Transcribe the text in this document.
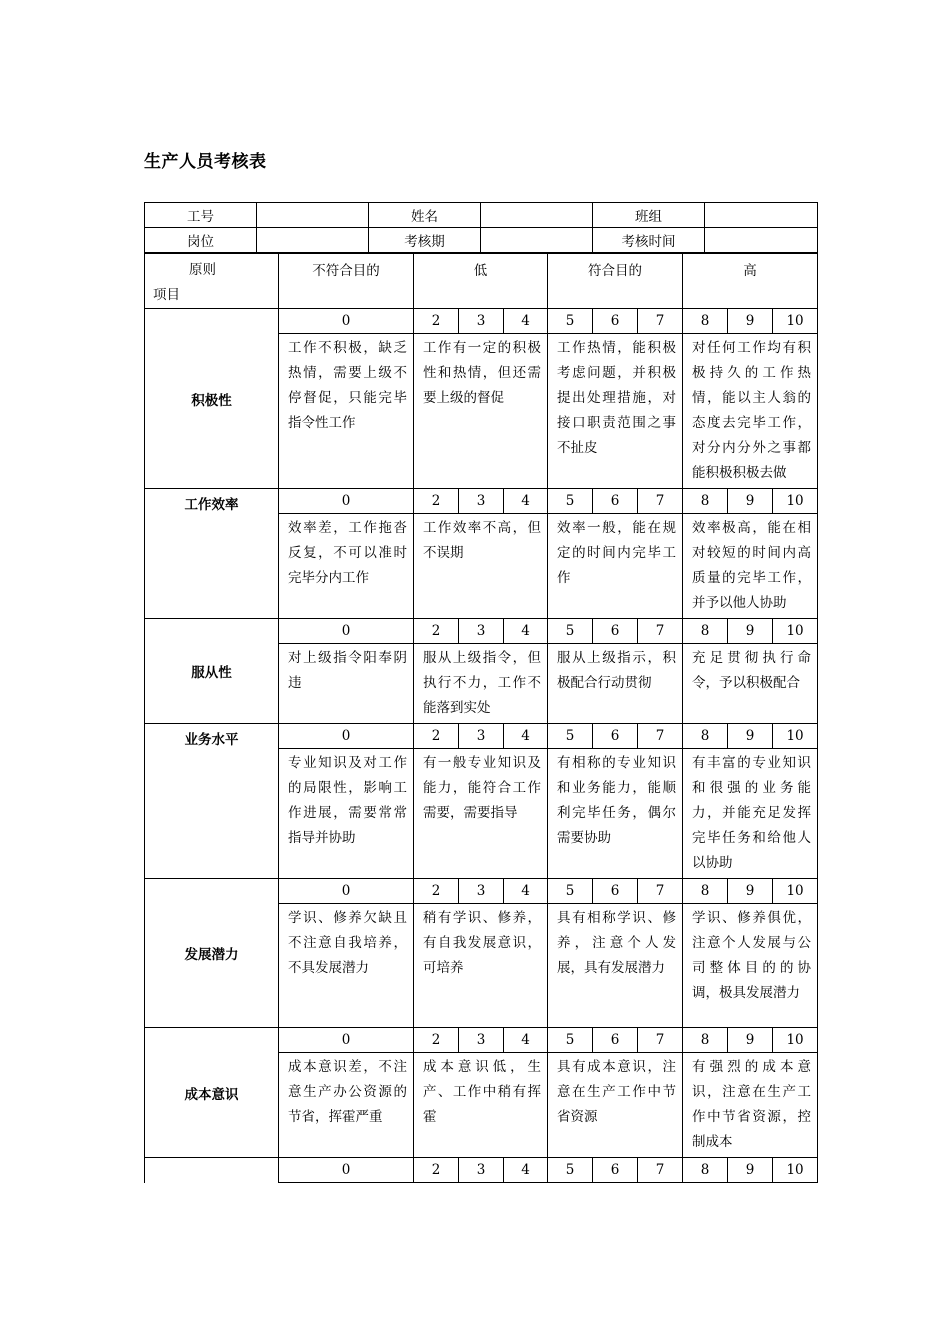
生产人员考核表
工号		姓名		班组	
岗位		考核期		考核时间	
原则
项目	不符合目的	低			符合目的			高		
积极性	0	2	3	4	5	6	7	8	9	10
	工作不积极，缺乏热情，需要上级不停督促，只能完毕指令性工作	工作有一定的积极性和热情，但还需要上级的督促			工作热情，能积极考虑问题，并积极提出处理措施，对接口职责范围之事不扯皮			对任何工作均有积极持久的工作热情，能以主人翁的态度去完毕工作，对分内分外之事都能积极积极去做		
工作效率	0	2	3	4	5	6	7	8	9	10
	效率差，工作拖沓反复，不可以准时完毕分内工作	工作效率不高，但不误期			效率一般，能在规定的时间内完毕工作			效率极高，能在相对较短的时间内高质量的完毕工作，并予以他人协助		
服从性	0	2	3	4	5	6	7	8	9	10
	对上级指令阳奉阴违	服从上级指令，但执行不力，工作不能落到实处			服从上级指示，积极配合行动贯彻			充足贯彻执行命令，予以积极配合		
业务水平	0	2	3	4	5	6	7	8	9	10
	专业知识及对工作的局限性，影响工作进展，需要常常指导并协助	有一般专业知识及能力，能符合工作需要，需要指导			有相称的专业知识和业务能力，能顺利完毕任务，偶尔需要协助			有丰富的专业知识和很强的业务能力，并能充足发挥完毕任务和给他人以协助		
发展潜力	0	2	3	4	5	6	7	8	9	10
	学识、修养欠缺且不注意自我培养，不具发展潜力	稍有学识、修养，有自我发展意识，可培养			具有相称学识、修养，注意个人发展，具有发展潜力			学识、修养俱优，注意个人发展与公司整体目的的协调，极具发展潜力		
成本意识	0	2	3	4	5	6	7	8	9	10
	成本意识差，不注意生产办公资源的节省，挥霍严重	成本意识低，生产、工作中稍有挥霍			具有成本意识，注意在生产工作中节省资源			有强烈的成本意识，注意在生产工作中节省资源，控制成本		
	0	2	3	4	5	6	7	8	9	10
